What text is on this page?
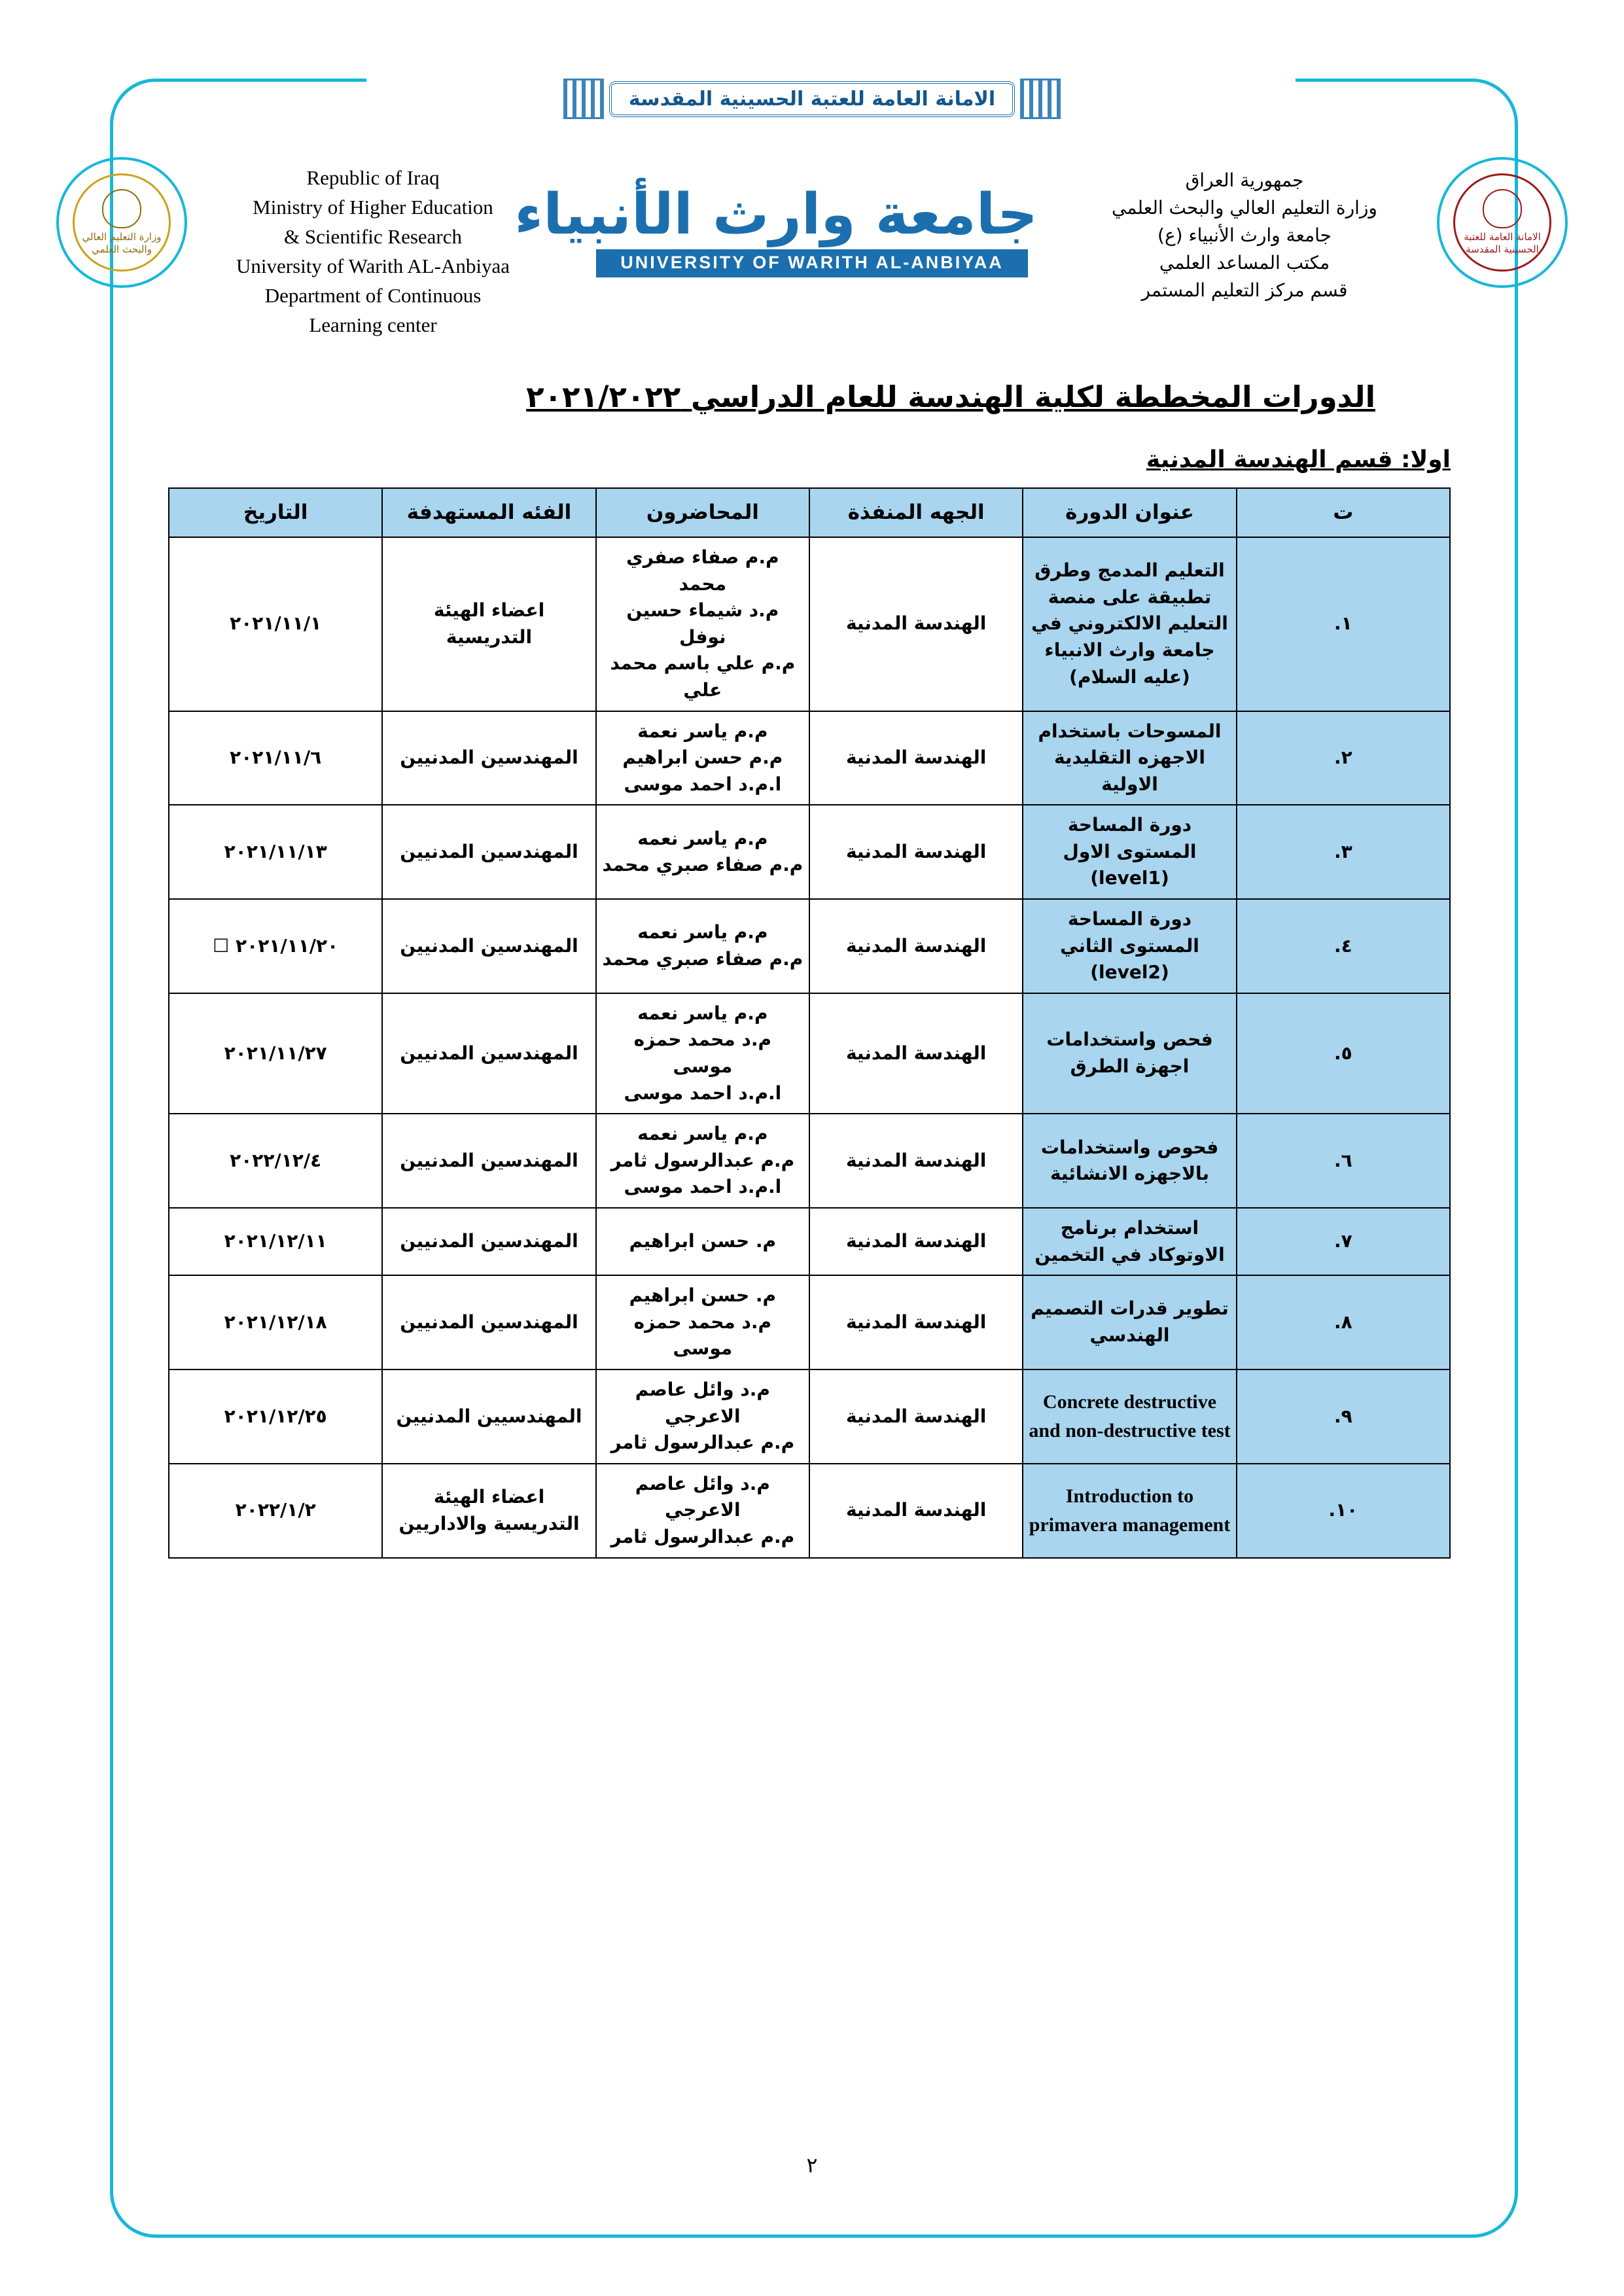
الامانة العامة للعتبة الحسينية المقدسة
وزارة التعليم العالي والبحث العلمي
الامانة العامة للعتبة الحسينية المقدسة
Republic of Iraq
Ministry of Higher Education
& Scientific Research
University of Warith AL-Anbiyaa
Department of Continuous
Learning center
جمهورية العراق
وزارة التعليم العالي والبحث العلمي
جامعة وارث الأنبياء (ع)
مكتب المساعد العلمي
قسم مركز التعليم المستمر
جامعة وارث الأنبياء
UNIVERSITY OF WARITH AL-ANBIYAA
الدورات المخططة لكلية الهندسة للعام الدراسي ٢٠٢١/٢٠٢٢
اولا: قسم الهندسة المدنية
ت	عنوان الدورة	الجهه المنفذة	المحاضرون	الفئه المستهدفة	التاريخ
١.	التعليم المدمج وطرق تطبيقة على منصة التعليم الالكتروني في جامعة وارث الانبياء (عليه السلام)	الهندسة المدنية	م.م صفاء صفري محمد
م.د شيماء حسين نوفل
م.م علي باسم محمد علي	اعضاء الهيئة التدريسية	٢٠٢١/١١/١
٢.	المسوحات باستخدام الاجهزه التقليدية الاولية	الهندسة المدنية	م.م ياسر نعمة
م.م حسن ابراهيم
ا.م.د احمد موسى	المهندسين المدنيين	٢٠٢١/١١/٦
٣.	دورة المساحة المستوى الاول (level1)	الهندسة المدنية	م.م ياسر نعمه
م.م صفاء صبري محمد	المهندسين المدنيين	٢٠٢١/١١/١٣
٤.	دورة المساحة المستوى الثاني (level2)	الهندسة المدنية	م.م ياسر نعمه
م.م صفاء صبري محمد	المهندسين المدنيين	٢٠٢١/١١/٢٠ ☐
٥.	فحص واستخدامات اجهزة الطرق	الهندسة المدنية	م.م ياسر نعمه
م.د محمد حمزه موسى
ا.م.د احمد موسى	المهندسين المدنيين	٢٠٢١/١١/٢٧
٦.	فحوص واستخدامات بالاجهزه الانشائية	الهندسة المدنية	م.م ياسر نعمه
م.م عبدالرسول ثامر
ا.م.د احمد موسى	المهندسين المدنيين	٢٠٢٢/١٢/٤
٧.	استخدام برنامج الاوتوكاد في التخمين	الهندسة المدنية	م. حسن ابراهيم	المهندسين المدنيين	٢٠٢١/١٢/١١
٨.	تطوير قدرات التصميم الهندسي	الهندسة المدنية	م. حسن ابراهيم
م.د محمد حمزه موسى	المهندسين المدنيين	٢٠٢١/١٢/١٨
٩.	Concrete destructive and non-destructive test	الهندسة المدنية	م.د وائل عاصم الاعرجي
م.م عبدالرسول ثامر	المهندسيين المدنيين	٢٠٢١/١٢/٢٥
١٠.	Introduction to primavera management	الهندسة المدنية	م.د وائل عاصم الاعرجي
م.م عبدالرسول ثامر	اعضاء الهيئة التدريسية والاداريين	٢٠٢٢/١/٢
٢
